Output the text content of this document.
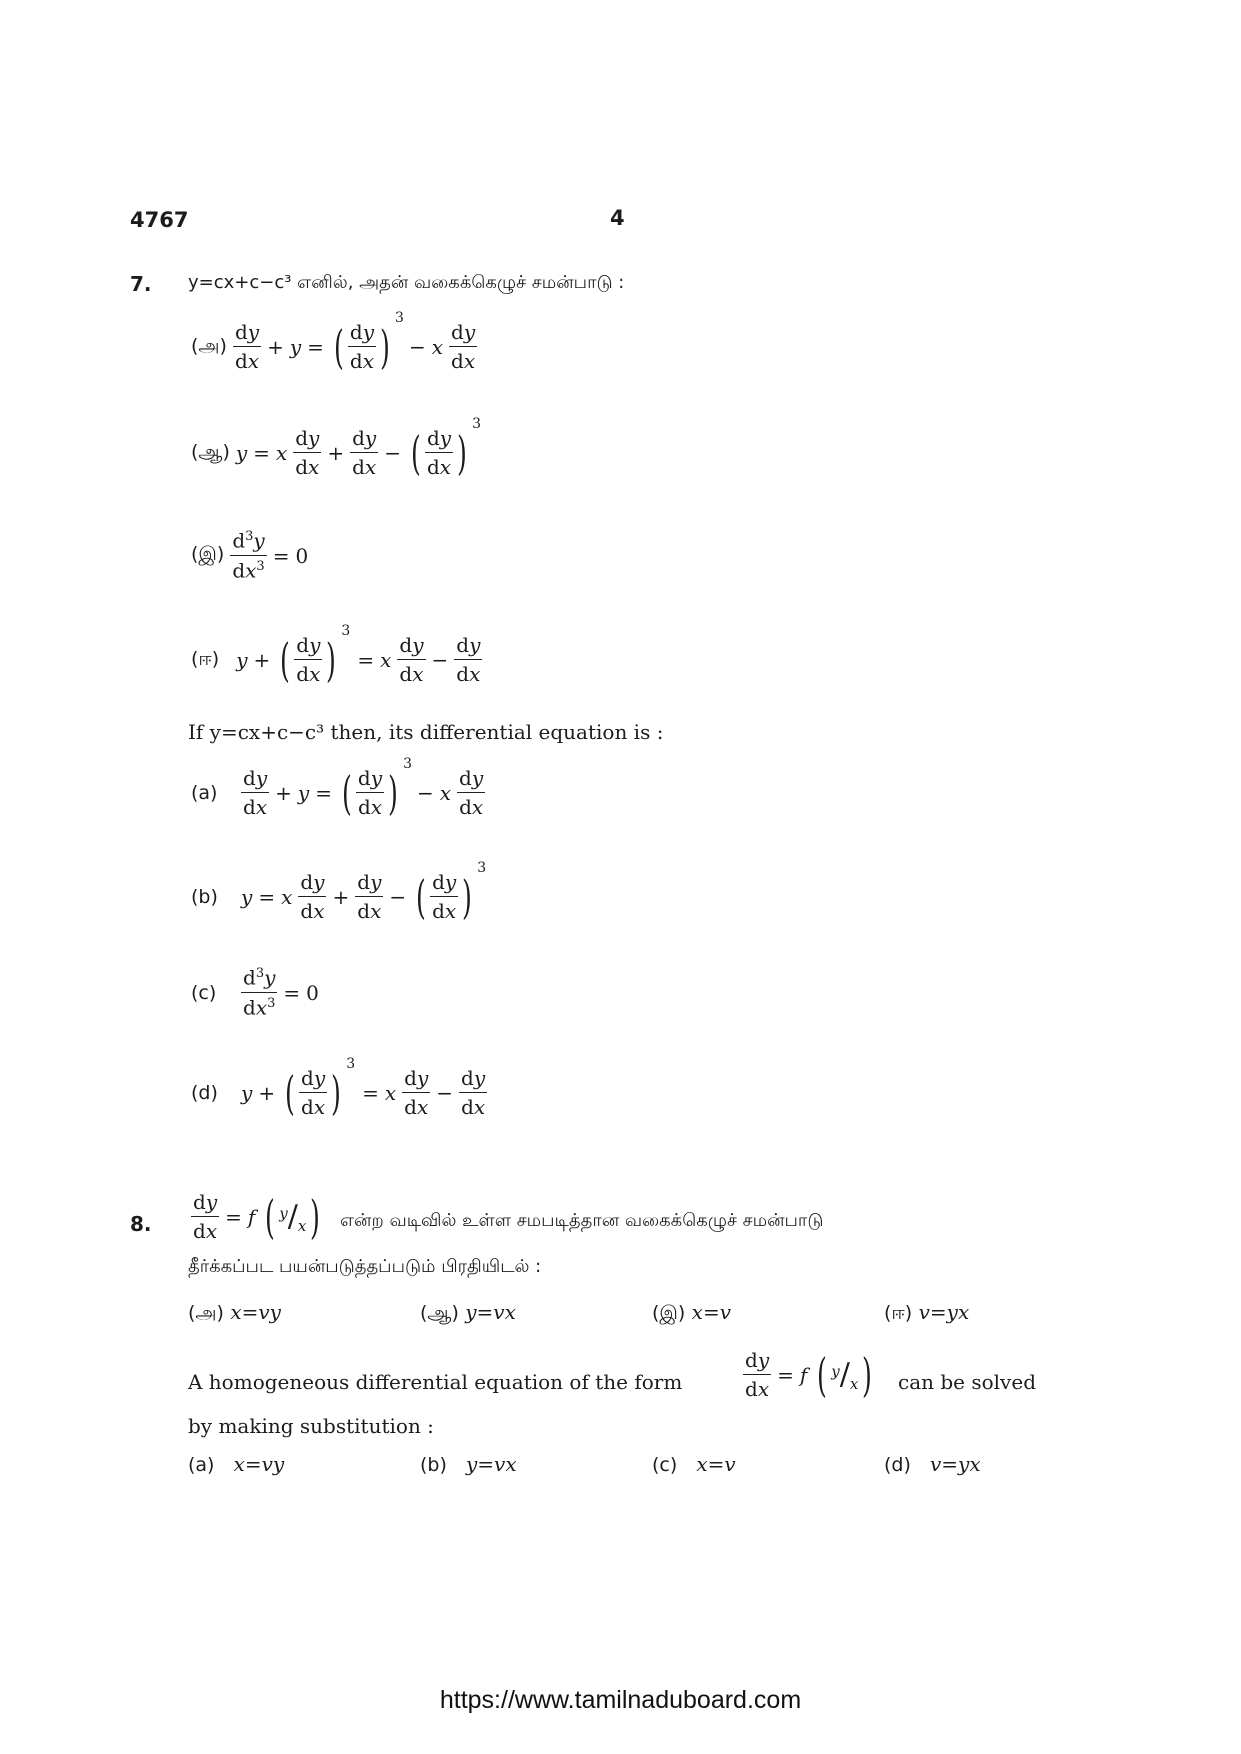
4767	4
7. y=cx+c−c³ எனில், அதன் வகைக்கெழுச் சமன்பாடு :
(அ) $\frac{dy}{dx} + y$ = ( $\frac{dy}{dx}$ )
3
− x $\frac{dy}{dx}$
(ஆ) y = x $\frac{dy}{dx} + \frac{dy}{dx}$ − ( $\frac{dy}{dx}$ )
3
(இ) $\frac{d^3y}{dx^3} = 0$
(ஈ) y + ( $\frac{dy}{dx}$ )
3
= x $\frac{dy}{dx} - \frac{dy}{dx}$
If y=cx+c−c³ then, its differential equation is :
(a)	$\frac{dy}{dx} + y$ = ( $\frac{dy}{dx}$ )
3
− x $\frac{dy}{dx}$
(b)	y = x $\frac{dy}{dx} + \frac{dy}{dx}$ − ( $\frac{dy}{dx}$ )
3
(c)	$\frac{d^3y}{dx^3} = 0$
(d)	y + ( $\frac{dy}{dx}$ )
3
= x $\frac{dy}{dx} - \frac{dy}{dx}$
8. $\frac{dy}{dx} = f$ ( $^y/_x$ ) என்ற வடிவில் உள்ள சமபடித்தான வகைக்கெழுச் சமன்பாடு
தீர்க்கப்பட பயன்படுத்தப்படும் பிரதியிடல் :
(அ) x=vy	(ஆ) y=vx	(இ) x=v	(ஈ) v=yx
A homogeneous differential equation of the form	$\frac{dy}{dx} = f$ ( $^y/_x$ ) can be solved
by making substitution :
(a) x=vy	(b) y=vx	(c) x=v	(d) v=yx
https://www.tamilnaduboard.com
